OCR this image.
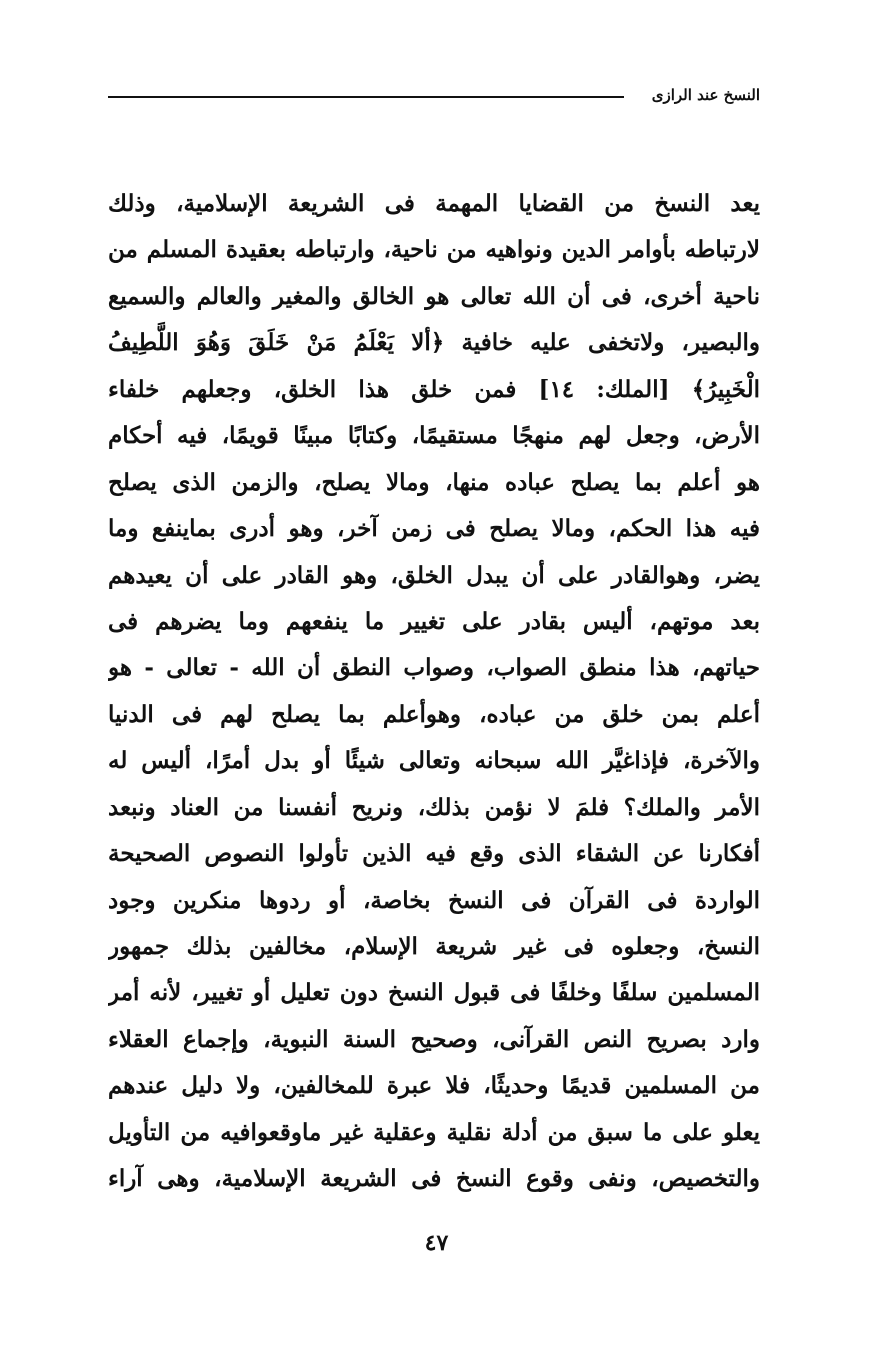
النسخ عند الرازى
يعد النسخ من القضايا المهمة فى الشريعة الإسلامية، وذلك
لارتباطه بأوامر الدين ونواهيه من ناحية، وارتباطه بعقيدة المسلم من
ناحية أخرى، فى أن الله تعالى هو الخالق والمغير والعالم والسميع
والبصير، ولاتخفى عليه خافية ﴿ألا يَعْلَمُ مَنْ خَلَقَ وَهُوَ اللَّطِيفُ
الْخَبِيرُ﴾ [الملك: ١٤] فمن خلق هذا الخلق، وجعلهم خلفاء
الأرض، وجعل لهم منهجًا مستقيمًا، وكتابًا مبينًا قويمًا، فيه أحكام
هو أعلم بما يصلح عباده منها، ومالا يصلح، والزمن الذى يصلح
فيه هذا الحكم، ومالا يصلح فى زمن آخر، وهو أدرى بماينفع وما
يضر، وهوالقادر على أن يبدل الخلق، وهو القادر على أن يعيدهم
بعد موتهم، أليس بقادر على تغيير ما ينفعهم وما يضرهم فى
حياتهم، هذا منطق الصواب، وصواب النطق أن الله - تعالى - هو
أعلم بمن خلق من عباده، وهوأعلم بما يصلح لهم فى الدنيا
والآخرة، فإذاغيَّر الله سبحانه وتعالى شيئًا أو بدل أمرًا، أليس له
الأمر والملك؟ فلمَ لا نؤمن بذلك، ونريح أنفسنا من العناد ونبعد
أفكارنا عن الشقاء الذى وقع فيه الذين تأولوا النصوص الصحيحة
الواردة فى القرآن فى النسخ بخاصة، أو ردوها منكرين وجود
النسخ، وجعلوه فى غير شريعة الإسلام، مخالفين بذلك جمهور
المسلمين سلفًا وخلفًا فى قبول النسخ دون تعليل أو تغيير، لأنه أمر
وارد بصريح النص القرآنى، وصحيح السنة النبوية، وإجماع العقلاء
من المسلمين قديمًا وحديثًا، فلا عبرة للمخالفين، ولا دليل عندهم
يعلو على ما سبق من أدلة نقلية وعقلية غير ماوقعوافيه من التأويل
والتخصيص، ونفى وقوع النسخ فى الشريعة الإسلامية، وهى آراء
٤٧
